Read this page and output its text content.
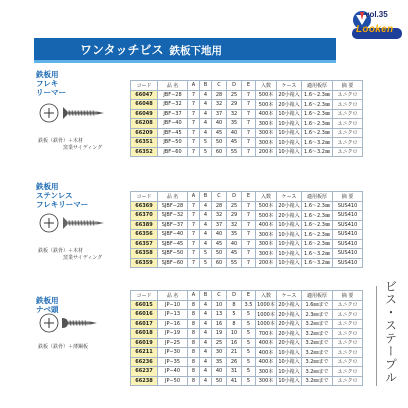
vol.35
Looken
ワンタッチビス 鉄板下地用
ビス・ステープル
鉄板用
フレキ
リーマー
鉄板（鉄骨）＋木材
窯業サイディング
コード	品 名	A	B	C	D	E	入数	ケース	適用板厚	摘 要
66047	JBF−28	7	4	28	25	7	500本	20小箱入	1.6〜2.3㎜	ユニクロ
66048	JBF−32	7	4	32	29	7	500本	20小箱入	1.6〜2.3㎜	ユニクロ
66049	JBF−37	7	4	37	32	7	400本	10小箱入	1.6〜2.3㎜	ユニクロ
66208	JBF−40	7	4	40	35	7	300本	10小箱入	1.6〜2.3㎜	ユニクロ
66209	JBF−45	7	4	45	40	7	300本	10小箱入	1.6〜2.3㎜	ユニクロ
66351	JBF−50	7	5	50	45	7	300本	10小箱入	1.6〜3.2㎜	ユニクロ
66352	JBF−60	7	5	60	55	7	200本	10小箱入	1.6〜3.2㎜	ユニクロ
鉄板用
ステンレス
フレキリーマー
鉄板（鉄骨）＋木材
窯業サイディング
コード	品 名	A	B	C	D	E	入数	ケース	適用板厚	摘 要
66369	SJBF−28	7	4	28	25	7	500本	20小箱入	1.6〜2.3㎜	SUS410
66370	SJBF−32	7	4	32	29	7	500本	20小箱入	1.6〜2.3㎜	SUS410
66389	SJBF−37	7	4	37	32	7	400本	10小箱入	1.6〜2.3㎜	SUS410
66356	SJBF−40	7	4	40	35	7	300本	10小箱入	1.6〜2.3㎜	SUS410
66357	SJBF−45	7	4	45	40	7	300本	10小箱入	1.6〜2.3㎜	SUS410
66358	SJBF−50	7	5	50	45	7	300本	10小箱入	1.6〜3.2㎜	SUS410
66359	SJBF−60	7	5	60	55	7	200本	10小箱入	1.6〜3.2㎜	SUS410
鉄板用
ナベ頭
鉄板（鉄骨）＋薄鋼板
コード	品 名	A	B	C	D	E	入数	ケース	適用板厚	摘 要
66015	JP−10	8	4	10	8	3.5	1000本	20小箱入	1.6㎜まで	ユニクロ
66016	JP−13	8	4	13	5	5	1000本	20小箱入	2.3㎜まで	ユニクロ
66017	JP−16	8	4	16	8	5	1000本	20小箱入	3.2㎜まで	ユニクロ
66018	JP−19	8	4	19	10	5	700本	20小箱入	3.2㎜まで	ユニクロ
66019	JP−25	8	4	25	16	5	400本	20小箱入	3.2㎜まで	ユニクロ
66211	JP−30	8	4	30	21	5	400本	10小箱入	3.2㎜まで	ユニクロ
66236	JP−35	8	4	35	26	5	400本	10小箱入	3.2㎜まで	ユニクロ
66237	JP−40	8	4	40	31	5	300本	10小箱入	3.2㎜まで	ユニクロ
66238	JP−50	8	4	50	41	5	300本	10小箱入	3.2㎜まで	ユニクロ
